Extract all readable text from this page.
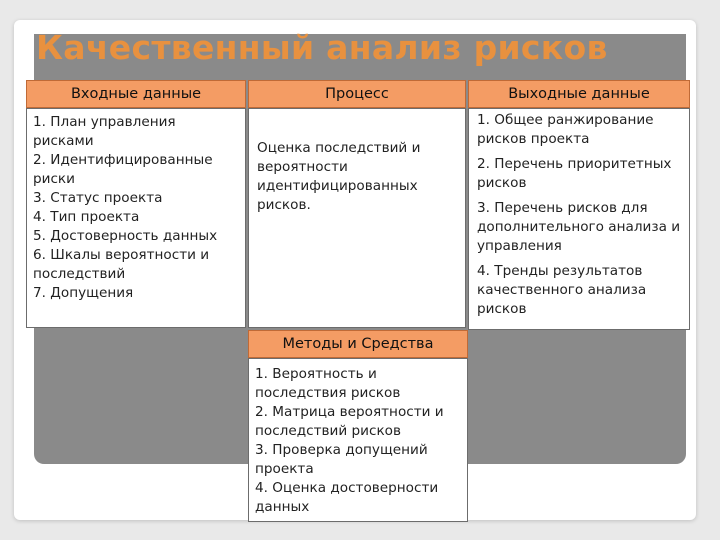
Качественный анализ рисков
Входные данные	Процесс	Выходные данные
1. План управления рисками
2. Идентифицированные риски
3. Статус проекта
4. Тип проекта
5. Достоверность данных
6. Шкалы вероятности и последствий
7. Допущения
Оценка последствий и вероятности идентифицированных рисков.
1. Общее ранжирование рисков проекта
2. Перечень приоритетных рисков
3. Перечень рисков для дополнительного анализа и управления
4. Тренды результатов качественного анализа рисков
Методы и Средства
1. Вероятность и последствия рисков
2. Матрица вероятности и последствий рисков
3. Проверка допущений проекта
4. Оценка достоверности данных
